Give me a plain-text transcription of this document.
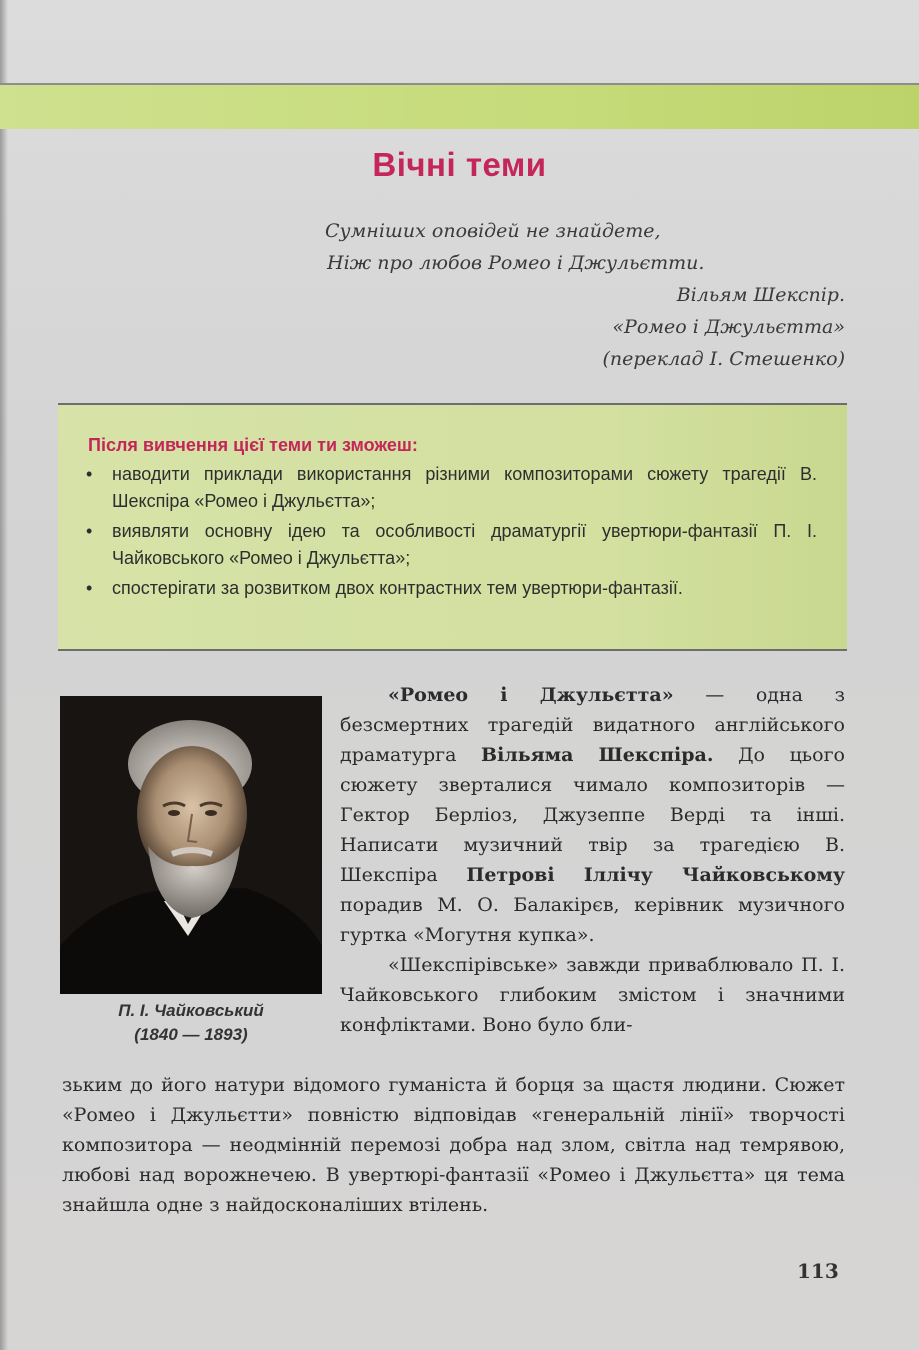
Вічні теми
Сумніших оповідей не знайдете,
Ніж про любов Ромео і Джульєтти.
Вільям Шекспір.
«Ромео і Джульєтта»
(переклад І. Стешенко)
Після вивчення цієї теми ти зможеш:
• наводити приклади використання різними композиторами сюжету трагедії В. Шекспіра «Ромео і Джульєтта»;
• виявляти основну ідею та особливості драматургії увертюри-фантазії П. І. Чайковського «Ромео і Джульєтта»;
• спостерігати за розвитком двох контрастних тем увертюри-фантазії.
П. І. Чайковський
(1840 — 1893)

«Ромео і Джульєтта» — одна з безсмертних трагедій видатного англійського драматурга Вільяма Шекспіра. До цього сюжету зверталися чимало композиторів — Гектор Берліоз, Джузеппе Верді та інші. Написати музичний твір за трагедією В. Шекспіра Петрові Іллічу Чайковському порадив М. О. Балакірєв, керівник музичного гуртка «Могутня купка».

«Шекспірівське» завжди приваблювало П. І. Чайковського глибоким змістом і значними конфліктами. Воно було бли-

зьким до його натури відомого гуманіста й борця за щастя людини. Сюжет «Ромео і Джульєтти» повністю відповідав «генеральній лінії» творчості композитора — неодмінній перемозі добра над злом, світла над темрявою, любові над ворожнечею. В увертюрі-фантазії «Ромео і Джульєтта» ця тема знайшла одне з найдосконаліших втілень.
113
